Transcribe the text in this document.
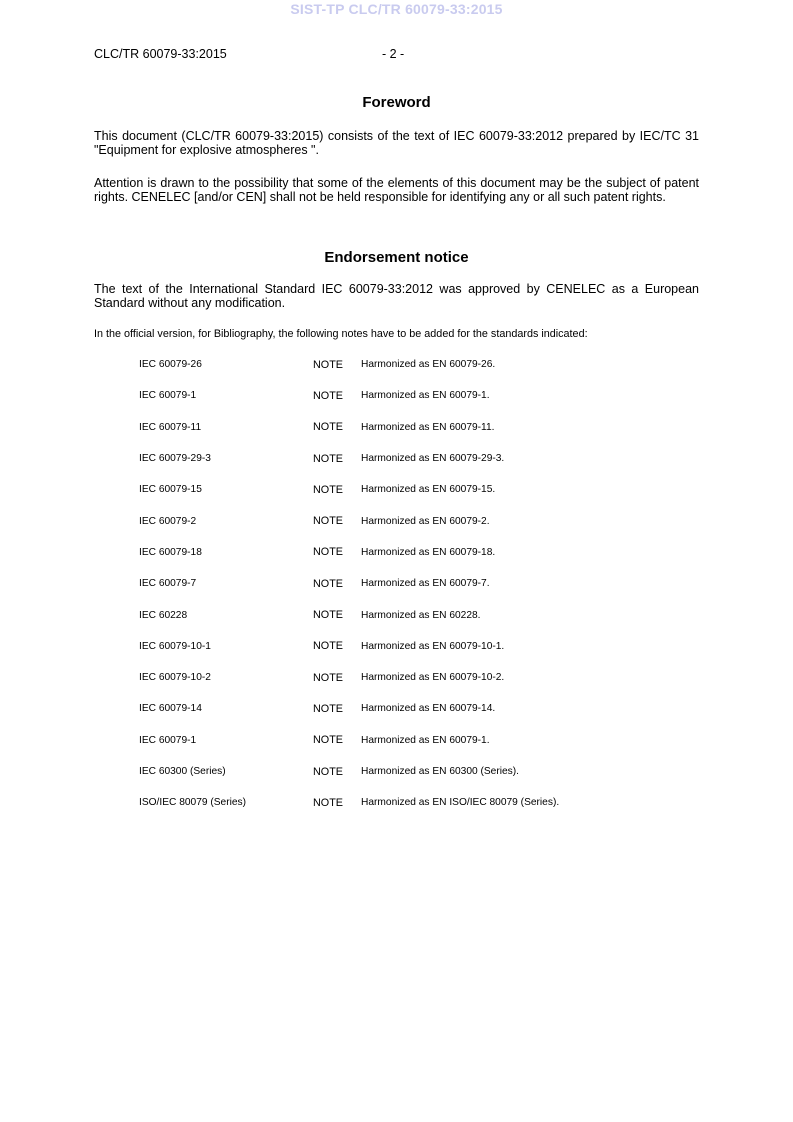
SIST-TP CLC/TR 60079-33:2015
CLC/TR 60079-33:2015	- 2 -
Foreword
This document (CLC/TR 60079-33:2015) consists of the text of IEC 60079-33:2012 prepared by IEC/TC 31 "Equipment for explosive atmospheres ".
Attention is drawn to the possibility that some of the elements of this document may be the subject of patent rights. CENELEC [and/or CEN] shall not be held responsible for identifying any or all such patent rights.
Endorsement notice
The text of the International Standard IEC 60079-33:2012 was approved by CENELEC as a European Standard without any modification.
In the official version, for Bibliography, the following notes have to be added for the standards indicated:
IEC 60079-26	NOTE	Harmonized as EN 60079-26.
IEC 60079-1	NOTE	Harmonized as EN 60079-1.
IEC 60079-11	NOTE	Harmonized as EN 60079-11.
IEC 60079-29-3	NOTE	Harmonized as EN 60079-29-3.
IEC 60079-15	NOTE	Harmonized as EN 60079-15.
IEC 60079-2	NOTE	Harmonized as EN 60079-2.
IEC 60079-18	NOTE	Harmonized as EN 60079-18.
IEC 60079-7	NOTE	Harmonized as EN 60079-7.
IEC 60228	NOTE	Harmonized as EN 60228.
IEC 60079-10-1	NOTE	Harmonized as EN 60079-10-1.
IEC 60079-10-2	NOTE	Harmonized as EN 60079-10-2.
IEC 60079-14	NOTE	Harmonized as EN 60079-14.
IEC 60079-1	NOTE	Harmonized as EN 60079-1.
IEC 60300 (Series)	NOTE	Harmonized as EN 60300 (Series).
ISO/IEC 80079 (Series)	NOTE	Harmonized as EN ISO/IEC 80079 (Series).
